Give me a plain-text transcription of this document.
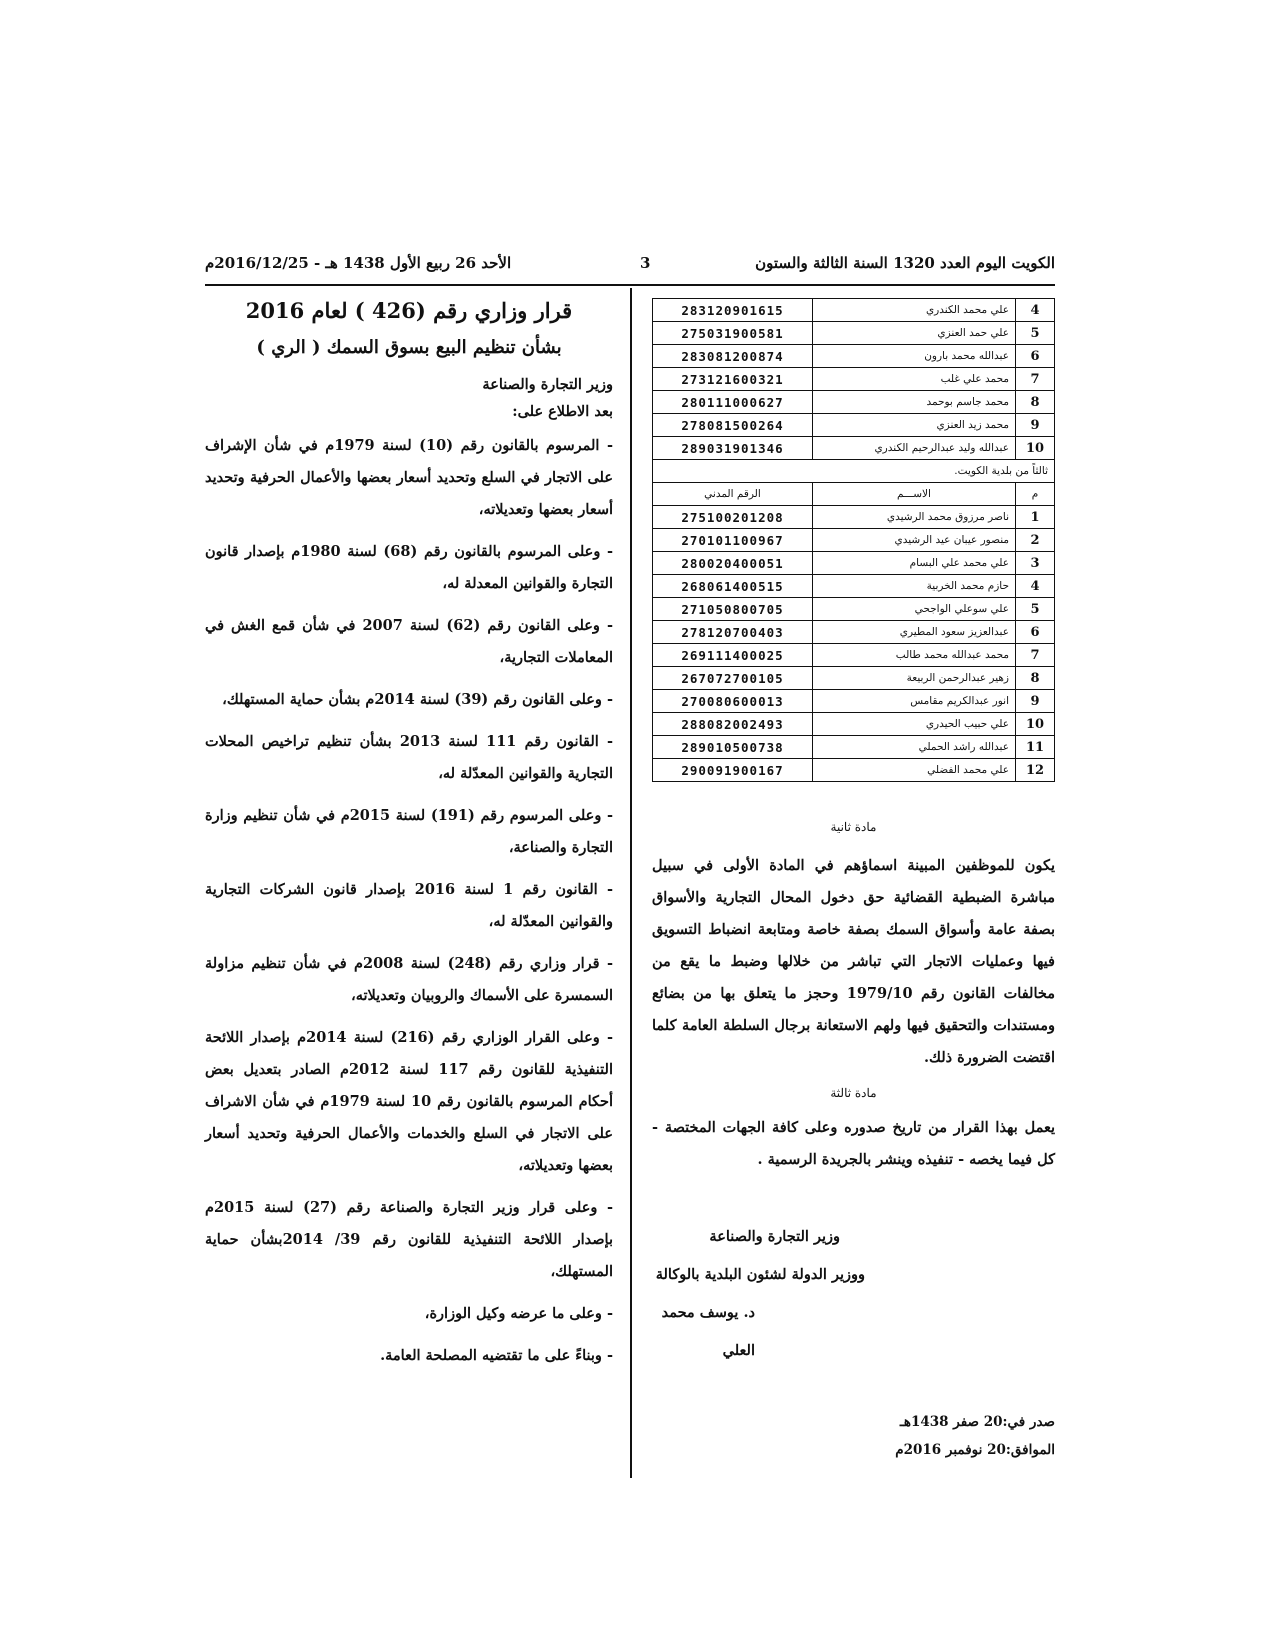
الكويت اليوم العدد 1320 السنة الثالثة والستون
3
الأحد 26 ربيع الأول 1438 هـ - 2016/12/25م
قرار وزاري رقم (426 ) لعام 2016
بشأن تنظيم البيع بسوق السمك ( الري )
وزير التجارة والصناعة
بعد الاطلاع على:

- المرسوم بالقانون رقم (10) لسنة 1979م في شأن الإشراف على الاتجار في السلع وتحديد أسعار بعضها والأعمال الحرفية وتحديد أسعار بعضها وتعديلاته،

- وعلى المرسوم بالقانون رقم (68) لسنة 1980م بإصدار قانون التجارة والقوانين المعدلة له،

- وعلى القانون رقم (62) لسنة 2007 في شأن قمع الغش في المعاملات التجارية،

- وعلى القانون رقم (39) لسنة 2014م بشأن حماية المستهلك،

- القانون رقم 111 لسنة 2013 بشأن تنظيم تراخيص المحلات التجارية والقوانين المعدّلة له،

- وعلى المرسوم رقم (191) لسنة 2015م في شأن تنظيم وزارة التجارة والصناعة،

- القانون رقم 1 لسنة 2016 بإصدار قانون الشركات التجارية والقوانين المعدّلة له،

- قرار وزاري رقم (248) لسنة 2008م في شأن تنظيم مزاولة السمسرة على الأسماك والروبيان وتعديلاته،

- وعلى القرار الوزاري رقم (216) لسنة 2014م بإصدار اللائحة التنفيذية للقانون رقم 117 لسنة 2012م الصادر بتعديل بعض أحكام المرسوم بالقانون رقم 10 لسنة 1979م في شأن الاشراف على الاتجار في السلع والخدمات والأعمال الحرفية وتحديد أسعار بعضها وتعديلاته،

- وعلى قرار وزير التجارة والصناعة رقم (27) لسنة 2015م بإصدار اللائحة التنفيذية للقانون رقم 39/ 2014بشأن حماية المستهلك،

- وعلى ما عرضه وكيل الوزارة،

- وبناءً على ما تقتضيه المصلحة العامة.

4	علي محمد الكندري	283120901615
5	علي حمد العنزي	275031900581
6	عبدالله محمد بارون	283081200874
7	محمد علي غلب	273121600321
8	محمد جاسم بوحمد	280111000627
9	محمد زيد العنزي	278081500264
10	عبدالله وليد عبدالرحيم الكندري	289031901346
ثالثاً من بلدية الكويت.		
م	الاســـم	الرقم المدني
1	ناصر مرزوق محمد الرشيدي	275100201208
2	منصور عيبان عيد الرشيدي	270101100967
3	علي محمد علي البسام	280020400051
4	حازم محمد الخربية	268061400515
5	علي سوعلي الواجحي	271050800705
6	عبدالعزيز سعود المطيري	278120700403
7	محمد عبدالله محمد طالب	269111400025
8	زهير عبدالرحمن الربيعة	267072700105
9	انور عبدالكريم مقامس	270080600013
10	علي حبيب الحيدري	288082002493
11	عبدالله راشد الحملي	289010500738
12	علي محمد الفضلي	290091900167
مادة ثانية

يكون للموظفين المبينة اسماؤهم في المادة الأولى في سبيل مباشرة الضبطية القضائية حق دخول المحال التجارية والأسواق بصفة عامة وأسواق السمك بصفة خاصة ومتابعة انضباط التسويق فيها وعمليات الاتجار التي تباشر من خلالها وضبط ما يقع من مخالفات القانون رقم 1979/10 وحجز ما يتعلق بها من بضائع ومستندات والتحقيق فيها ولهم الاستعانة برجال السلطة العامة كلما اقتضت الضرورة ذلك.

مادة ثالثة

يعمل بهذا القرار من تاريخ صدوره وعلى كافة الجهات المختصة - كل فيما يخصه - تنفيذه وينشر بالجريدة الرسمية .

وزير التجارة والصناعة
ووزير الدولة لشئون البلدية بالوكالة
د. يوسف محمد العلي
صدر في:20 صفر 1438هـ
الموافق:20 نوفمبر 2016م
